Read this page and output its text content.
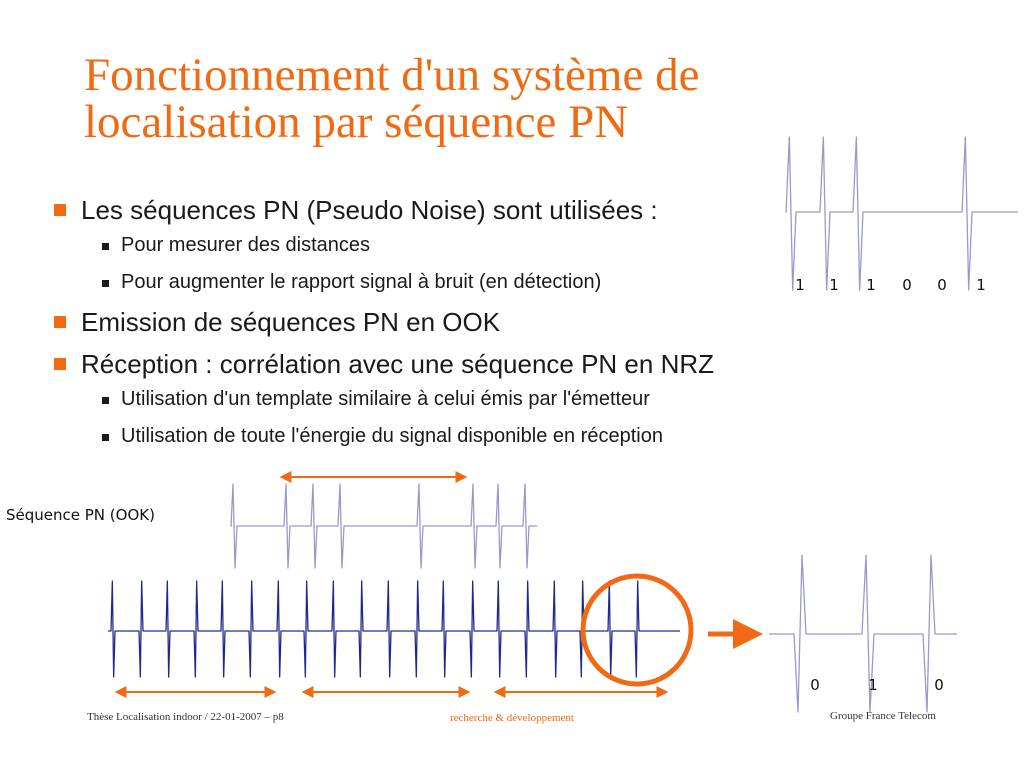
Fonctionnement d'un système de
localisation par séquence PN
Les séquences PN (Pseudo Noise) sont utilisées :
Pour mesurer des distances
Pour augmenter le rapport signal à bruit (en détection)
Emission de séquences PN en OOK
Réception : corrélation avec une séquence PN en NRZ
Utilisation d'un template similaire à celui émis par l'émetteur
Utilisation de toute l'énergie du signal disponible en réception
1 1 1 0 0 1
0	1	0
Séquence PN (OOK)
Thèse Localisation indoor / 22-01-2007 – p8	recherche & développement	Groupe France Telecom
